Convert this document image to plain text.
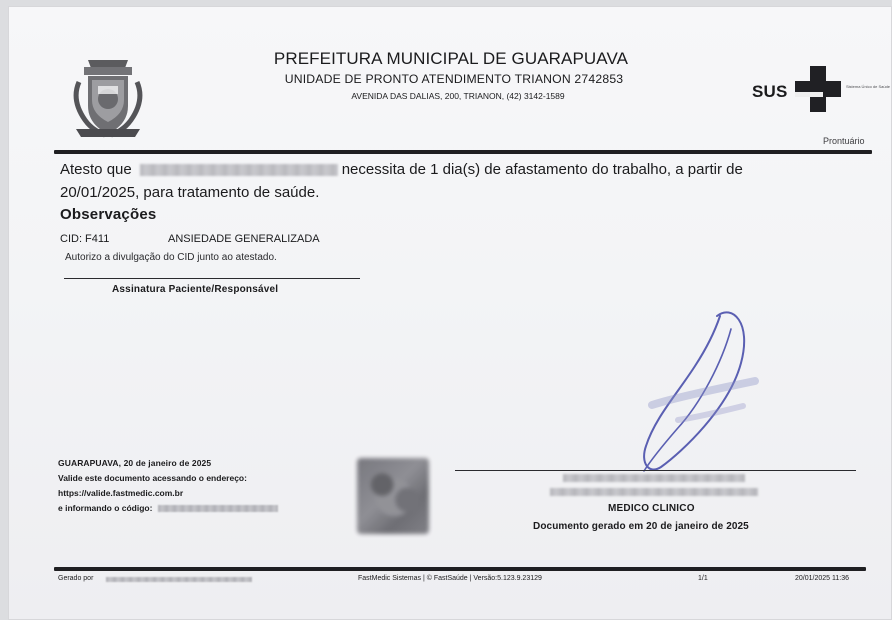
PREFEITURA MUNICIPAL DE GUARAPUAVA
UNIDADE DE PRONTO ATENDIMENTO TRIANON 2742853
AVENIDA DAS DALIAS, 200, TRIANON, (42) 3142-1589	SUS	Sistema Único de Saúde
Prontuário
Atesto que	necessita de 1 dia(s) de afastamento do trabalho, a partir de
20/01/2025, para tratamento de saúde.
Observações
CID: F411	ANSIEDADE GENERALIZADA
Autorizo a divulgação do CID junto ao atestado.
Assinatura Paciente/Responsável
GUARAPUAVA, 20 de janeiro de 2025
Valide este documento acessando o endereço:
https://valide.fastmedic.com.br
e informando o código:	MEDICO CLINICO
Documento gerado em 20 de janeiro de 2025
Gerado por	FastMedic Sistemas | © FastSaúde | Versão:5.123.9.23129	1/1	20/01/2025 11:36
